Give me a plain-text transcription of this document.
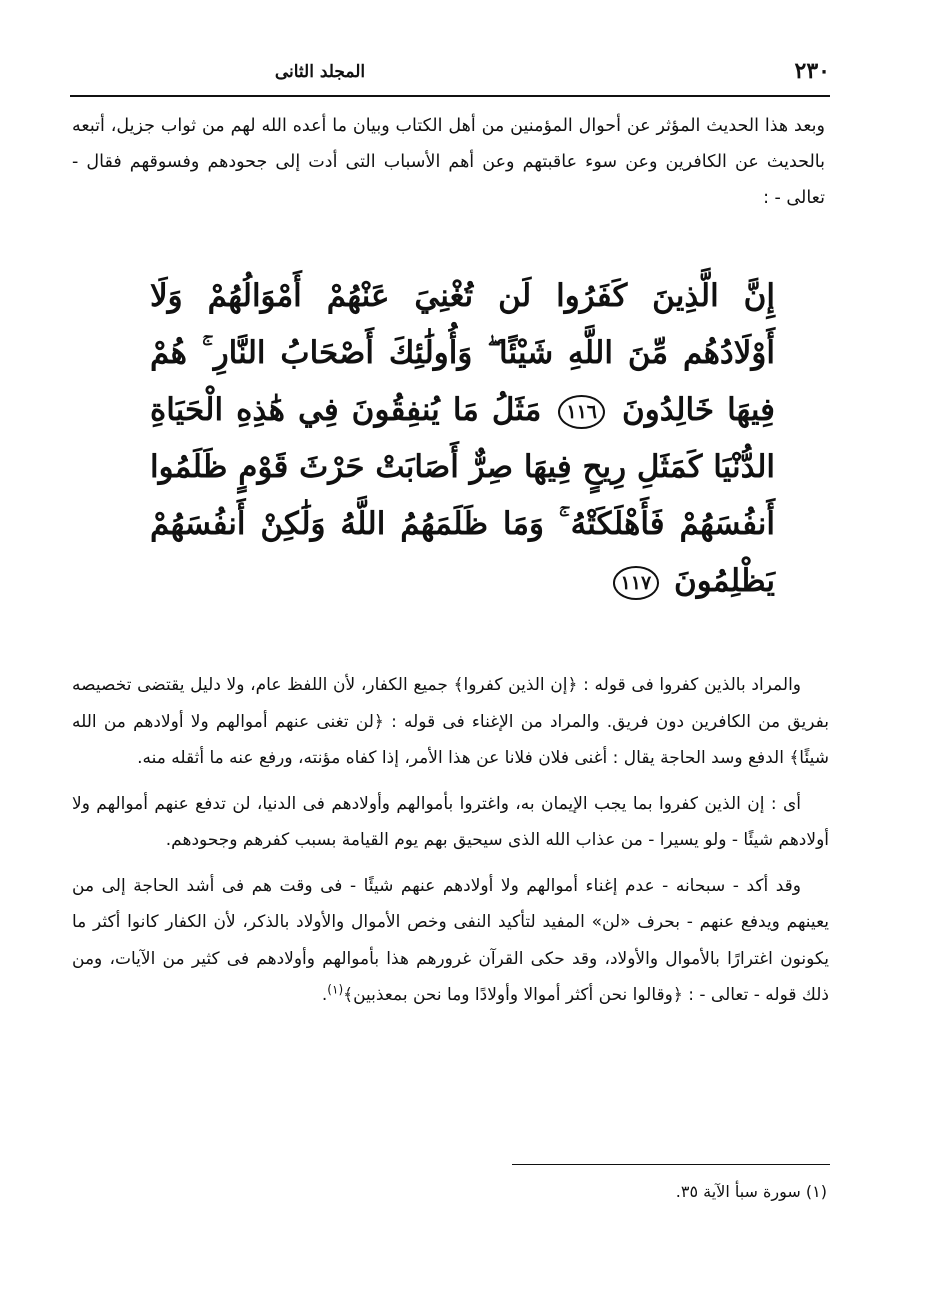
٢٣٠
المجلد الثانى
وبعد هذا الحديث المؤثر عن أحوال المؤمنين من أهل الكتاب وبيان ما أعده الله لهم من ثواب جزيل، أتبعه بالحديث عن الكافرين وعن سوء عاقبتهم وعن أهم الأسباب التى أدت إلى جحودهم وفسوقهم فقال - تعالى - :
إِنَّ الَّذِينَ كَفَرُوا لَن تُغْنِيَ عَنْهُمْ أَمْوَالُهُمْ وَلَا أَوْلَادُهُم مِّنَ اللَّهِ شَيْئًا ۖ وَأُولَٰئِكَ أَصْحَابُ النَّارِ ۚ هُمْ فِيهَا خَالِدُونَ ١١٦ مَثَلُ مَا يُنفِقُونَ فِي هَٰذِهِ الْحَيَاةِ الدُّنْيَا كَمَثَلِ رِيحٍ فِيهَا صِرٌّ أَصَابَتْ حَرْثَ قَوْمٍ ظَلَمُوا أَنفُسَهُمْ فَأَهْلَكَتْهُ ۚ وَمَا ظَلَمَهُمُ اللَّهُ وَلَٰكِنْ أَنفُسَهُمْ يَظْلِمُونَ ١١٧

والمراد بالذين كفروا فى قوله : ﴿إن الذين كفروا﴾ جميع الكفار، لأن اللفظ عام، ولا دليل يقتضى تخصيصه بفريق من الكافرين دون فريق. والمراد من الإغناء فى قوله : ﴿لن تغنى عنهم أموالهم ولا أولادهم من الله شيئًا﴾ الدفع وسد الحاجة يقال : أغنى فلان فلانا عن هذا الأمر، إذا كفاه مؤنته، ورفع عنه ما أثقله منه.

أى : إن الذين كفروا بما يجب الإيمان به، واغتروا بأموالهم وأولادهم فى الدنيا، لن تدفع عنهم أموالهم ولا أولادهم شيئًا - ولو يسيرا - من عذاب الله الذى سيحيق بهم يوم القيامة بسبب كفرهم وجحودهم.

وقد أكد - سبحانه - عدم إغناء أموالهم ولا أولادهم عنهم شيئًا - فى وقت هم فى أشد الحاجة إلى من يعينهم ويدفع عنهم - بحرف «لن» المفيد لتأكيد النفى وخص الأموال والأولاد بالذكر، لأن الكفار كانوا أكثر ما يكونون اغترارًا بالأموال والأولاد، وقد حكى القرآن غرورهم هذا بأموالهم وأولادهم فى كثير من الآيات، ومن ذلك قوله - تعالى - : ﴿وقالوا نحن أكثر أموالا وأولادًا وما نحن بمعذبين﴾$^{(١)}$.

(١) سورة سبأ الآية ٣٥.
